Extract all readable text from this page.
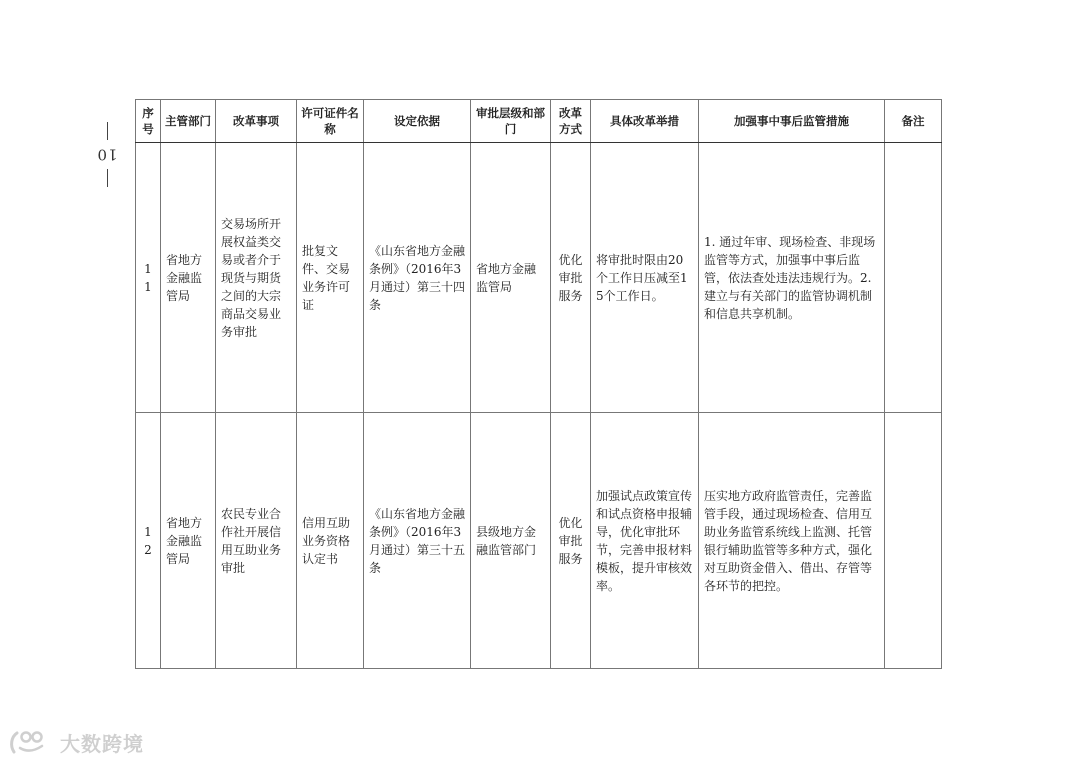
10
序号	主管部门	改革事项	许可证件名称	设定依据	审批层级和部门	改革方式	具体改革举措	加强事中事后监管措施	备注
11	省地方金融监管局	交易场所开展权益类交易或者介于现货与期货之间的大宗商品交易业务审批	批复文件、交易业务许可证	《山东省地方金融条例》（2016年3月通过）第三十四条	省地方金融监管局	优化审批服务	将审批时限由20个工作日压减至15个工作日。	1. 通过年审、现场检查、非现场监管等方式，加强事中事后监管，依法查处违法违规行为。2. 建立与有关部门的监管协调机制和信息共享机制。	
12	省地方金融监管局	农民专业合作社开展信用互助业务审批	信用互助业务资格认定书	《山东省地方金融条例》（2016年3月通过）第三十五条	县级地方金融监管部门	优化审批服务	加强试点政策宣传和试点资格申报辅导，优化审批环节，完善申报材料模板，提升审核效率。	压实地方政府监管责任，完善监管手段，通过现场检查、信用互助业务监管系统线上监测、托管银行辅助监管等多种方式，强化对互助资金借入、借出、存管等各环节的把控。	
大数跨境
